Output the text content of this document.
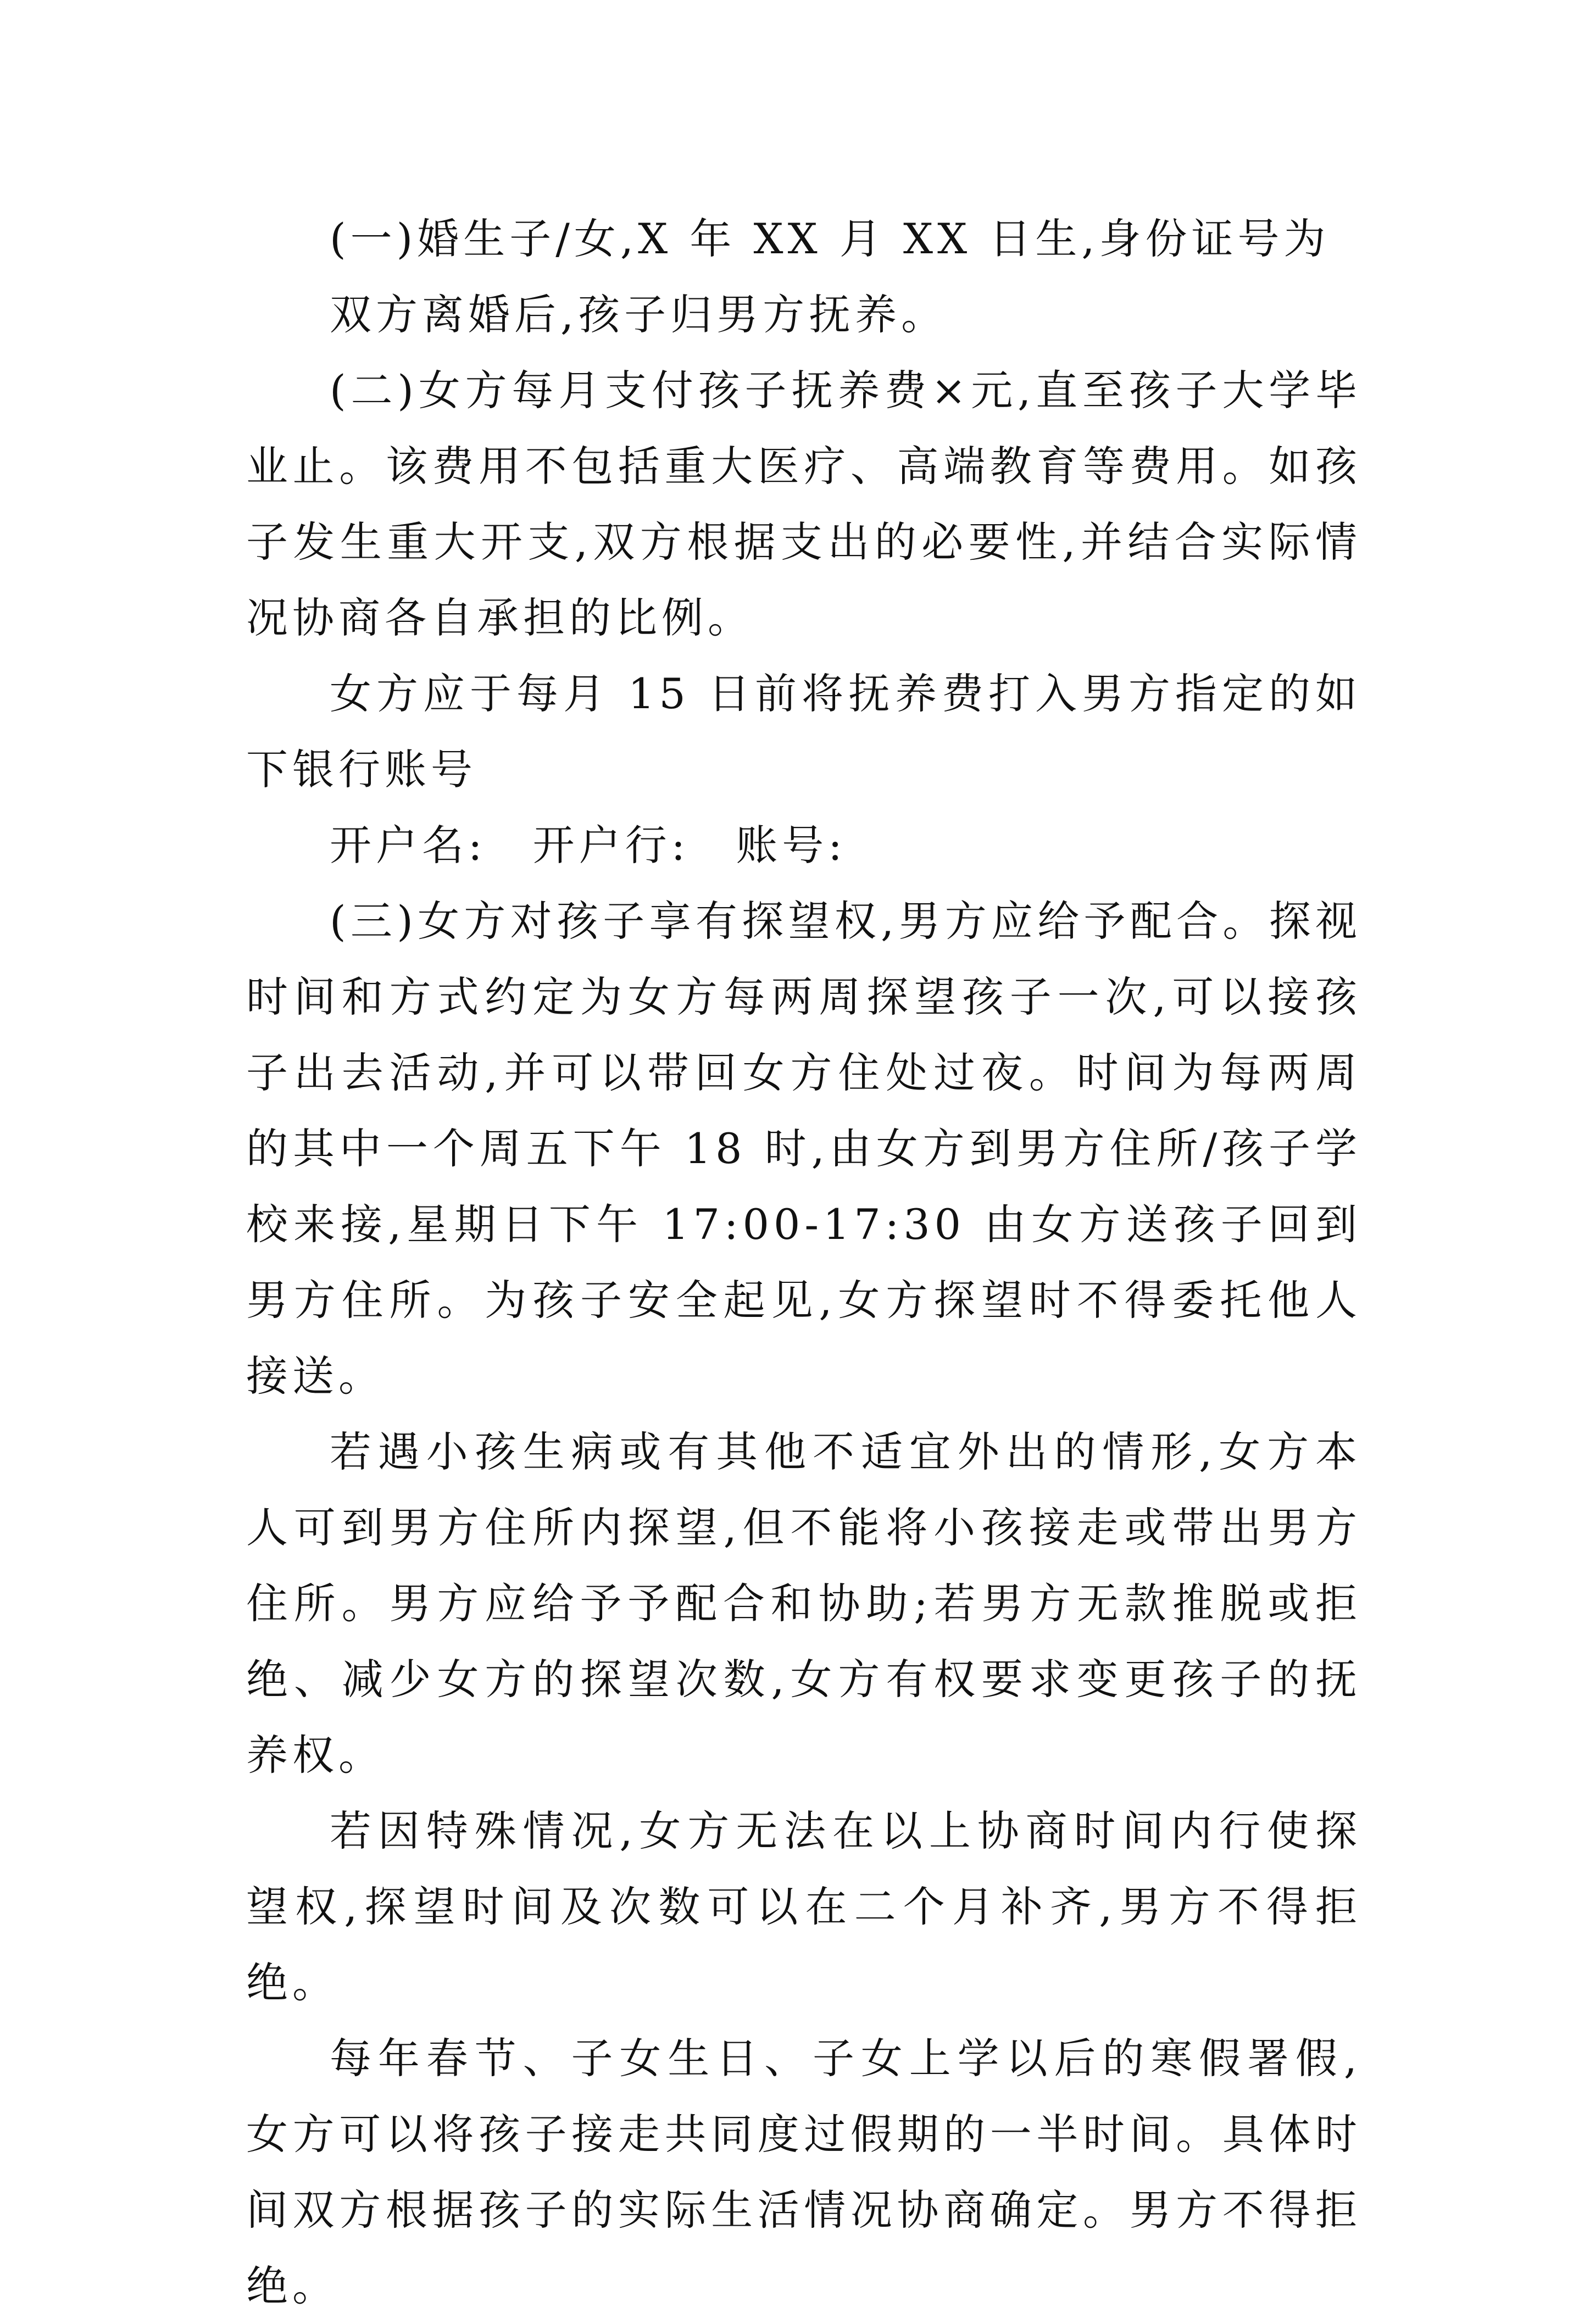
(一)婚生子/女,X 年 XX 月 XX 日生,身份证号为

双方离婚后,孩子归男方抚养。

(二)女方每月支付孩子抚养费×元,直至孩子大学毕业止。该费用不包括重大医疗、高端教育等费用。如孩子发生重大开支,双方根据支出的必要性,并结合实际情况协商各自承担的比例。

女方应于每月 15 日前将抚养费打入男方指定的如下银行账号

开户名:　开户行:　账号:

(三)女方对孩子享有探望权,男方应给予配合。探视时间和方式约定为女方每两周探望孩子一次,可以接孩子出去活动,并可以带回女方住处过夜。时间为每两周的其中一个周五下午 18 时,由女方到男方住所/孩子学校来接,星期日下午 17:00-17:30 由女方送孩子回到男方住所。为孩子安全起见,女方探望时不得委托他人接送。

若遇小孩生病或有其他不适宜外出的情形,女方本人可到男方住所内探望,但不能将小孩接走或带出男方住所。男方应给予予配合和协助;若男方无款推脱或拒绝、减少女方的探望次数,女方有权要求变更孩子的抚养权。

若因特殊情况,女方无法在以上协商时间内行使探望权,探望时间及次数可以在二个月补齐,男方不得拒绝。

每年春节、子女生日、子女上学以后的寒假署假,女方可以将孩子接走共同度过假期的一半时间。具体时间双方根据孩子的实际生活情况协商确定。男方不得拒绝。
